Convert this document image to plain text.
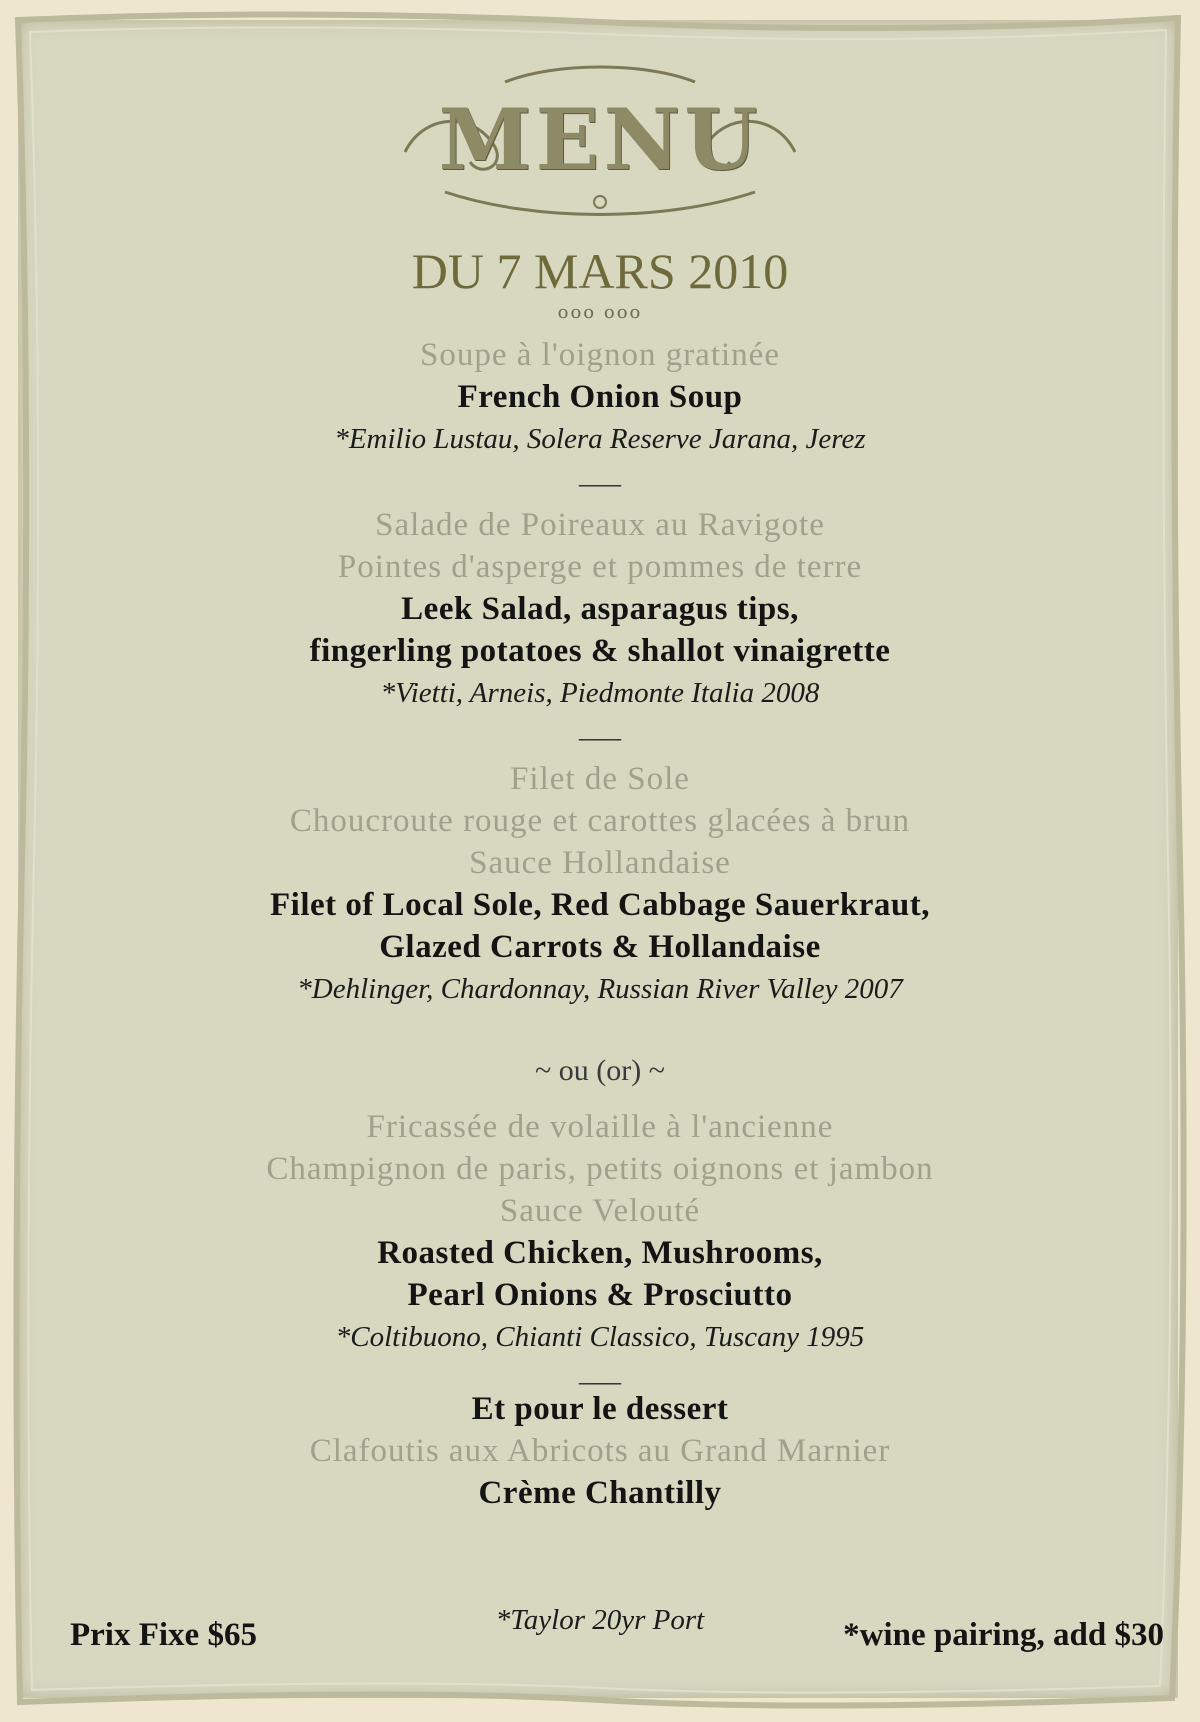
MENU
DU 7 MARS 2010
ooo ooo
Soupe à l'oignon gratinée
French Onion Soup
*Emilio Lustau, Solera Reserve Jarana, Jerez
___
Salade de Poireaux au Ravigote
Pointes d'asperge et pommes de terre
Leek Salad, asparagus tips,
fingerling potatoes & shallot vinaigrette
*Vietti, Arneis, Piedmonte Italia 2008
___
Filet de Sole
Choucroute rouge et carottes glacées à brun
Sauce Hollandaise
Filet of Local Sole, Red Cabbage Sauerkraut,
Glazed Carrots & Hollandaise
*Dehlinger, Chardonnay, Russian River Valley 2007
~ ou (or) ~
Fricassée de volaille à l'ancienne
Champignon de paris, petits oignons et jambon
Sauce Velouté
Roasted Chicken, Mushrooms,
Pearl Onions & Prosciutto
*Coltibuono, Chianti Classico, Tuscany 1995
___
Et pour le dessert
Clafoutis aux Abricots au Grand Marnier
Crème Chantilly
*Taylor 20yr Port
Prix Fixe $65	*wine pairing, add $30
